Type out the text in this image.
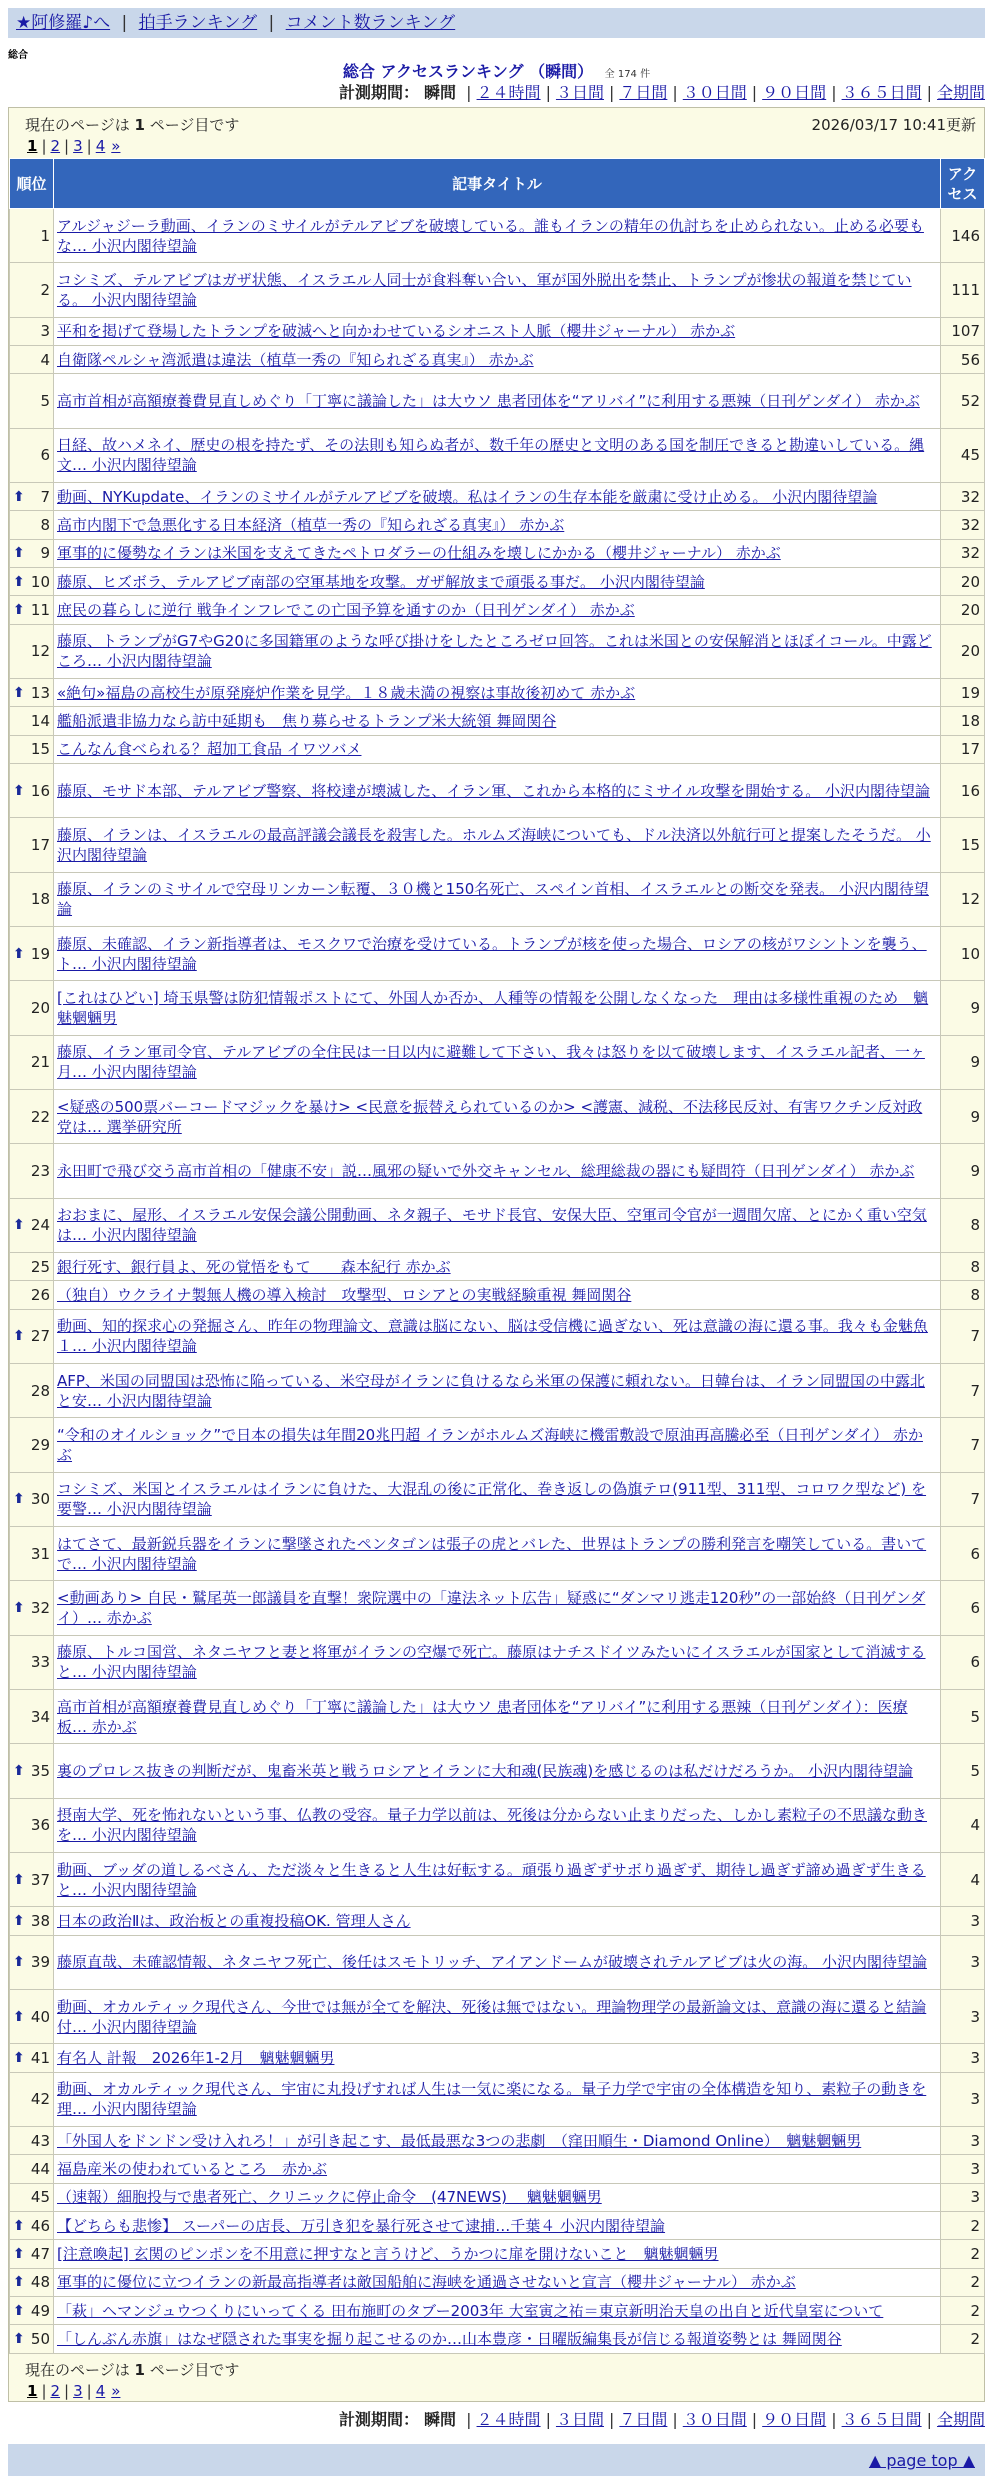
★阿修羅♪へ | 拍手ランキング | コメント数ランキング
総合
総合 アクセスランキング （瞬間） 全 174 件
計測期間： 瞬間 | ２４時間 | ３日間 | ７日間 | ３０日間 | ９０日間 | ３６５日間 | 全期間
現在のページは 1 ページ目です	2026/03/17 10:41更新
1 | 2 | 3 | 4 »
順位	記事タイトル	アクセス
1	アルジャジーラ動画、イランのミサイルがテルアビブを破壊している。誰もイランの精年の仇討ちを止められない。止める必要もな… 小沢内閣待望論	146
2	コシミズ、テルアビブはガザ状態、イスラエル人同士が食料奪い合い、軍が国外脱出を禁止、トランプが惨状の報道を禁じている。 小沢内閣待望論	111
3	平和を掲げて登場したトランプを破滅へと向かわせているシオニスト人脈（櫻井ジャーナル） 赤かぶ	107
4	自衛隊ペルシャ湾派遣は違法（植草一秀の『知られざる真実』） 赤かぶ	56
5	高市首相が高額療養費見直しめぐり「丁寧に議論した」は大ウソ 患者団体を“アリバイ”に利用する悪辣（日刊ゲンダイ） 赤かぶ	52
6	日経、故ハメネイ、歴史の根を持たず、その法則も知らぬ者が、数千年の歴史と文明のある国を制圧できると勘違いしている。縄文… 小沢内閣待望論	45

⬆ 7	動画、NYKupdate、イランのミサイルがテルアビブを破壊。私はイランの生存本能を厳粛に受け止める。 小沢内閣待望論	32
8	高市内閣下で急悪化する日本経済（植草一秀の『知られざる真実』） 赤かぶ	32

⬆ 9	軍事的に優勢なイランは米国を支えてきたペトロダラーの仕組みを壊しにかかる（櫻井ジャーナル） 赤かぶ	32

⬆ 10	藤原、ヒズボラ、テルアビブ南部の空軍基地を攻撃。ガザ解放まで頑張る事だ。 小沢内閣待望論	20

⬆ 11	庶民の暮らしに逆行 戦争インフレでこの亡国予算を通すのか（日刊ゲンダイ） 赤かぶ	20
12	藤原、トランプがG7やG20に多国籍軍のような呼び掛けをしたところゼロ回答。これは米国との安保解消とほぼイコール。中露どころ… 小沢内閣待望論	20

⬆ 13	«絶句»福島の高校生が原発廃炉作業を見学。１８歳未満の視察は事故後初めて 赤かぶ	19
14	艦船派遣非協力なら訪中延期も　焦り募らせるトランプ米大統領 舞岡関谷	18
15	こんなん食べられる？超加工食品 イワツバメ	17

⬆ 16	藤原、モサド本部、テルアビブ警察、将校達が壊滅した、イラン軍、これから本格的にミサイル攻撃を開始する。 小沢内閣待望論	16
17	藤原、イランは、イスラエルの最高評議会議長を殺害した。ホルムズ海峡についても、ドル決済以外航行可と提案したそうだ。 小沢内閣待望論	15
18	藤原、イランのミサイルで空母リンカーン転覆、３０機と150名死亡、スペイン首相、イスラエルとの断交を発表。 小沢内閣待望論	12

⬆ 19	藤原、未確認、イラン新指導者は、モスクワで治療を受けている。トランプが核を使った場合、ロシアの核がワシントンを襲う、ト… 小沢内閣待望論	10
20	[これはひどい] 埼玉県警は防犯情報ポストにて、外国人か否か、人種等の情報を公開しなくなった　理由は多様性重視のため　魑魅魍魎男	9
21	藤原、イラン軍司令官、テルアビブの全住民は一日以内に避難して下さい、我々は怒りを以て破壊します、イスラエル記者、一ヶ月… 小沢内閣待望論	9
22	<疑惑の500票バーコードマジックを暴け> <民意を振替えられているのか> <護憲、減税、不法移民反対、有害ワクチン反対政党は… 選挙研究所	9
23	永田町で飛び交う高市首相の「健康不安」説…風邪の疑いで外交キャンセル、総理総裁の器にも疑問符（日刊ゲンダイ） 赤かぶ	9

⬆ 24	おおまに、屋形、イスラエル安保会議公開動画、ネタ親子、モサド長官、安保大臣、空軍司令官が一週間欠席、とにかく重い空気は… 小沢内閣待望論	8
25	銀行死す、銀行員よ、死の覚悟をもて　　森本紀行 赤かぶ	8
26	（独自）ウクライナ製無人機の導入検討　攻撃型、ロシアとの実戦経験重視 舞岡関谷	8

⬆ 27	動画、知的探求心の発掘さん、昨年の物理論文、意識は脳にない、脳は受信機に過ぎない、死は意識の海に還る事。我々も金魅魚１… 小沢内閣待望論	7
28	AFP、米国の同盟国は恐怖に陥っている、米空母がイランに負けるなら米軍の保護に頼れない。日韓台は、イラン同盟国の中露北と安… 小沢内閣待望論	7
29	“令和のオイルショック”で日本の損失は年間20兆円超 イランがホルムズ海峡に機雷敷設で原油再高騰必至（日刊ゲンダイ） 赤かぶ	7

⬆ 30	コシミズ、米国とイスラエルはイランに負けた、大混乱の後に正常化、巻き返しの偽旗テロ(911型、311型、コロワク型など) を要警… 小沢内閣待望論	7
31	はてさて、最新鋭兵器をイランに撃墜されたペンタゴンは張子の虎とバレた、世界はトランプの勝利発言を嘲笑している。書いてで… 小沢内閣待望論	6

⬆ 32	<動画あり> 自民・鷲尾英一郎議員を直撃！衆院選中の「違法ネット広告」疑惑に“ダンマリ逃走120秒”の一部始終（日刊ゲンダイ）… 赤かぶ	6
33	藤原、トルコ国営、ネタニヤフと妻と将軍がイランの空爆で死亡。藤原はナチスドイツみたいにイスラエルが国家として消滅すると… 小沢内閣待望論	6
34	高市首相が高額療養費見直しめぐり「丁寧に議論した」は大ウソ 患者団体を“アリバイ”に利用する悪辣（日刊ゲンダイ）：医療板… 赤かぶ	5

⬆ 35	裏のプロレス抜きの判断だが、鬼畜米英と戦うロシアとイランに大和魂(民族魂)を感じるのは私だけだろうか。 小沢内閣待望論	5
36	摂南大学、死を怖れないという事、仏教の受容。量子力学以前は、死後は分からない止まりだった、しかし素粒子の不思議な動きを… 小沢内閣待望論	4

⬆ 37	動画、ブッダの道しるべさん、ただ淡々と生きると人生は好転する。頑張り過ぎずサボり過ぎず、期待し過ぎず諦め過ぎず生きると… 小沢内閣待望論	4

⬆ 38	日本の政治Ⅱは、政治板との重複投稿OK. 管理人さん	3

⬆ 39	藤原直哉、未確認情報、ネタニヤフ死亡、後任はスモトリッチ、アイアンドームが破壊されテルアビブは火の海。 小沢内閣待望論	3

⬆ 40	動画、オカルティック現代さん、今世では無が全てを解決、死後は無ではない。理論物理学の最新論文は、意識の海に還ると結論付… 小沢内閣待望論	3

⬆ 41	有名人 計報　2026年1-2月　魑魅魍魎男	3
42	動画、オカルティック現代さん、宇宙に丸投げすれば人生は一気に楽になる。量子力学で宇宙の全体構造を知り、素粒子の動きを理… 小沢内閣待望論	3
43	「外国人をドンドン受け入れろ！」が引き起こす、最低最悪な3つの悲劇　（窪田順生・Diamond Online）　魑魅魍魎男	3
44	福島産米の使われているところ　赤かぶ	3
45	（速報）細胞投与で患者死亡、クリニックに停止命令　(47NEWS)　 魑魅魍魎男	3

⬆ 46	【どちらも悲惨】 スーパーの店長、万引き犯を暴行死させて逮捕…千葉４ 小沢内閣待望論	2

⬆ 47	[注意喚起] 玄関のピンポンを不用意に押すなと言うけど、うかつに扉を開けないこと　魑魅魍魎男	2

⬆ 48	軍事的に優位に立つイランの新最高指導者は敵国船舶に海峡を通過させないと宣言（櫻井ジャーナル） 赤かぶ	2

⬆ 49	「萩」ヘマンジュウつくりにいってくる 田布施町のタブー2003年 大室寅之祐＝東京新明治天皇の出自と近代皇室について	2

⬆ 50	「しんぶん赤旗」はなぜ隠された事実を掘り起こせるのか…山本豊彦・日曜版編集長が信じる報道姿勢とは 舞岡関谷	2
現在のページは 1 ページ目です
1 | 2 | 3 | 4 »
計測期間： 瞬間 | ２４時間 | ３日間 | ７日間 | ３０日間 | ９０日間 | ３６５日間 | 全期間
▲ page top ▲
